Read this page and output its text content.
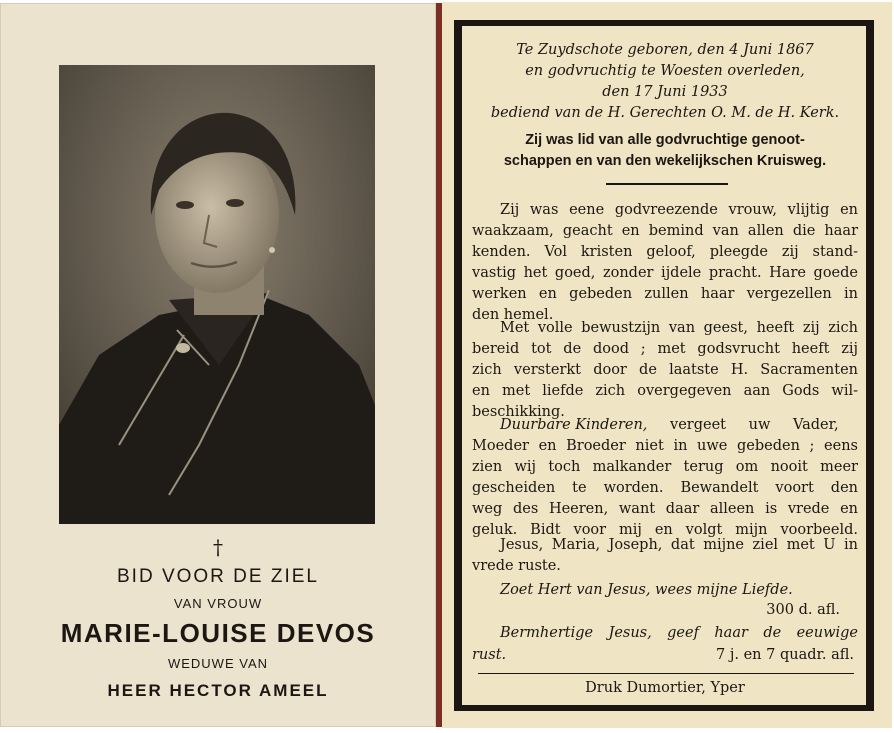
†
BID VOOR DE ZIEL
VAN VROUW
MARIE-LOUISE DEVOS
WEDUWE VAN
HEER HECTOR AMEEL
Te Zuydschote geboren, den 4 Juni 1867
en godvruchtig te Woesten overleden,
den 17 Juni 1933
bediend van de H. Gerechten O. M. de H. Kerk.
Zij was lid van alle godvruchtige genoot-
schappen en van den wekelijkschen Kruisweg.
Zij was eene godvreezende vrouw, vlijtig en
waakzaam, geacht en bemind van allen die haar
kenden. Vol kristen geloof, pleegde zij stand-
vastig het goed, zonder ijdele pracht. Hare goede
werken en gebeden zullen haar vergezellen in
den hemel.
Met volle bewustzijn van geest, heeft zij zich
bereid tot de dood ; met godsvrucht heeft zij
zich versterkt door de laatste H. Sacramenten
en met liefde zich overgegeven aan Gods wil-
beschikking.
Duurbare Kinderen, vergeet uw Vader,
Moeder en Broeder niet in uwe gebeden ; eens
zien wij toch malkander terug om nooit meer
gescheiden te worden. Bewandelt voort den
weg des Heeren, want daar alleen is vrede en
geluk. Bidt voor mij en volgt mijn voorbeeld.
Jesus, Maria, Joseph, dat mijne ziel met U in
vrede ruste.
Zoet Hert van Jesus, wees mijne Liefde.
300 d. afl.
Bermhertige Jesus, geef haar de eeuwige
rust.	7 j. en 7 quadr. afl.
Druk Dumortier, Yper
